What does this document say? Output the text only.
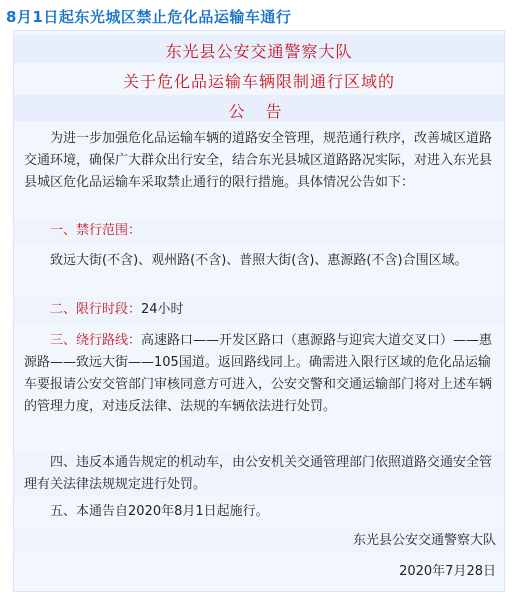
8月1日起东光城区禁止危化品运输车通行
东光县公安交通警察大队
关于危化品运输车辆限制通行区域的
公 告
为进一步加强危化品运输车辆的道路安全管理，规范通行秩序，改善城区道路交通环境，确保广大群众出行安全，结合东光县城区道路路况实际，对进入东光县县城区危化品运输车采取禁止通行的限行措施。具体情况公告如下：
一、禁行范围：
致远大街(不含)、观州路(不含)、普照大街(含)、惠源路(不含)合围区域。
二、限行时段：24小时
三、绕行路线：高速路口——开发区路口（惠源路与迎宾大道交叉口）——惠源路——致远大街——105国道。返回路线同上。确需进入限行区域的危化品运输车要报请公安交管部门审核同意方可进入，公安交警和交通运输部门将对上述车辆的管理力度，对违反法律、法规的车辆依法进行处罚。
四、违反本通告规定的机动车，由公安机关交通管理部门依照道路交通安全管理有关法律法规规定进行处罚。
五、本通告自2020年8月1日起施行。
东光县公安交通警察大队
2020年7月28日
